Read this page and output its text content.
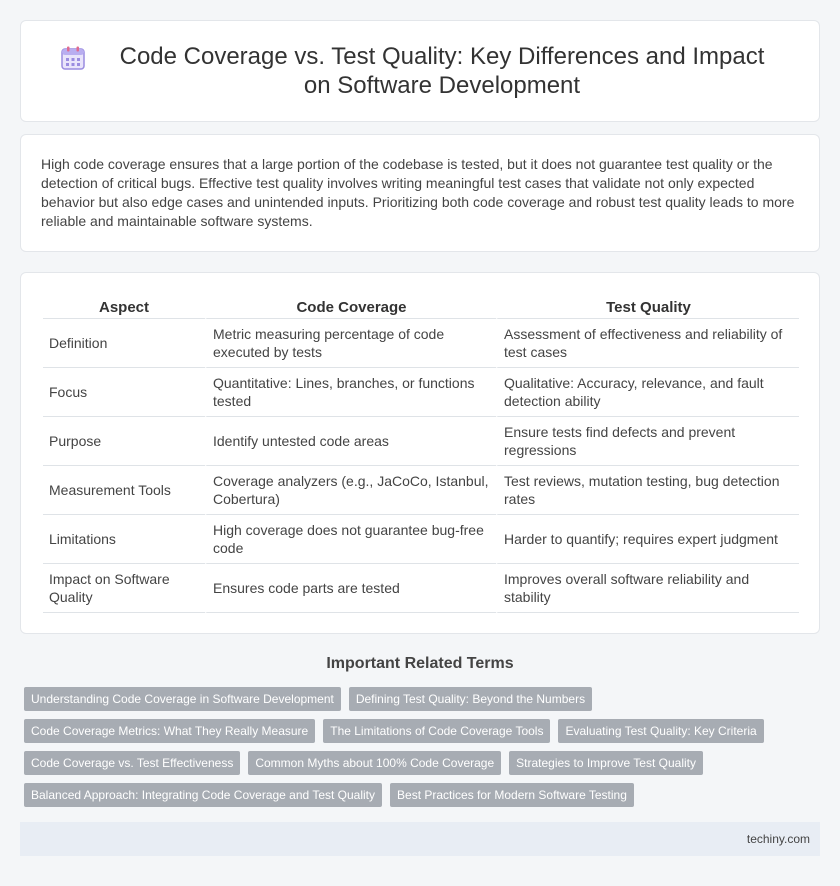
Code Coverage vs. Test Quality: Key Differences and Impact on Software Development

High code coverage ensures that a large portion of the codebase is tested, but it does not guarantee test quality or the detection of critical bugs. Effective test quality involves writing meaningful test cases that validate not only expected behavior but also edge cases and unintended inputs. Prioritizing both code coverage and robust test quality leads to more reliable and maintainable software systems.

Aspect	Code Coverage	Test Quality
Definition	Metric measuring percentage of code executed by tests	Assessment of effectiveness and reliability of test cases
Focus	Quantitative: Lines, branches, or functions tested	Qualitative: Accuracy, relevance, and fault detection ability
Purpose	Identify untested code areas	Ensure tests find defects and prevent regressions
Measurement Tools	Coverage analyzers (e.g., JaCoCo, Istanbul, Cobertura)	Test reviews, mutation testing, bug detection rates
Limitations	High coverage does not guarantee bug-free code	Harder to quantify; requires expert judgment
Impact on Software Quality	Ensures code parts are tested	Improves overall software reliability and stability
Important Related Terms
Understanding Code Coverage in Software Development	Defining Test Quality: Beyond the Numbers
Code Coverage Metrics: What They Really Measure	The Limitations of Code Coverage Tools	Evaluating Test Quality: Key Criteria
Code Coverage vs. Test Effectiveness	Common Myths about 100% Code Coverage	Strategies to Improve Test Quality
Balanced Approach: Integrating Code Coverage and Test Quality	Best Practices for Modern Software Testing
techiny.com
